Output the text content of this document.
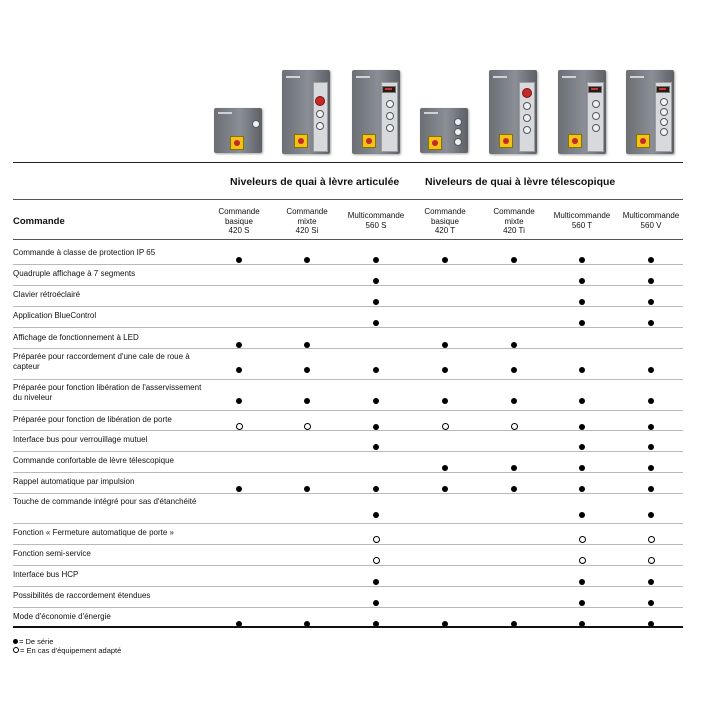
Niveleurs de quai à lèvre articulée Niveleurs de quai à lèvre télescopique
Commande
Commande
basique
420 S
Commande
mixte
420 Si
Multicommande
560 S
Commande
basique
420 T
Commande
mixte
420 Ti
Multicommande
560 T
Multicommande
560 V
Commande à classe de protection IP 65
Quadruple affichage à 7 segments
Clavier rétroéclairé
Application BlueControl
Affichage de fonctionnement à LED
Préparée pour raccordement d'une cale de roue à capteur
Préparée pour fonction libération de l'asservissement du niveleur
Préparée pour fonction de libération de porte
Interface bus pour verrouillage mutuel
Commande confortable de lèvre télescopique
Rappel automatique par impulsion
Touche de commande intégré pour sas d'étanchéité
Fonction « Fermeture automatique de porte »
Fonction semi-service
Interface bus HCP
Possibilités de raccordement étendues
Mode d'économie d'énergie
= De série
= En cas d'équipement adapté
